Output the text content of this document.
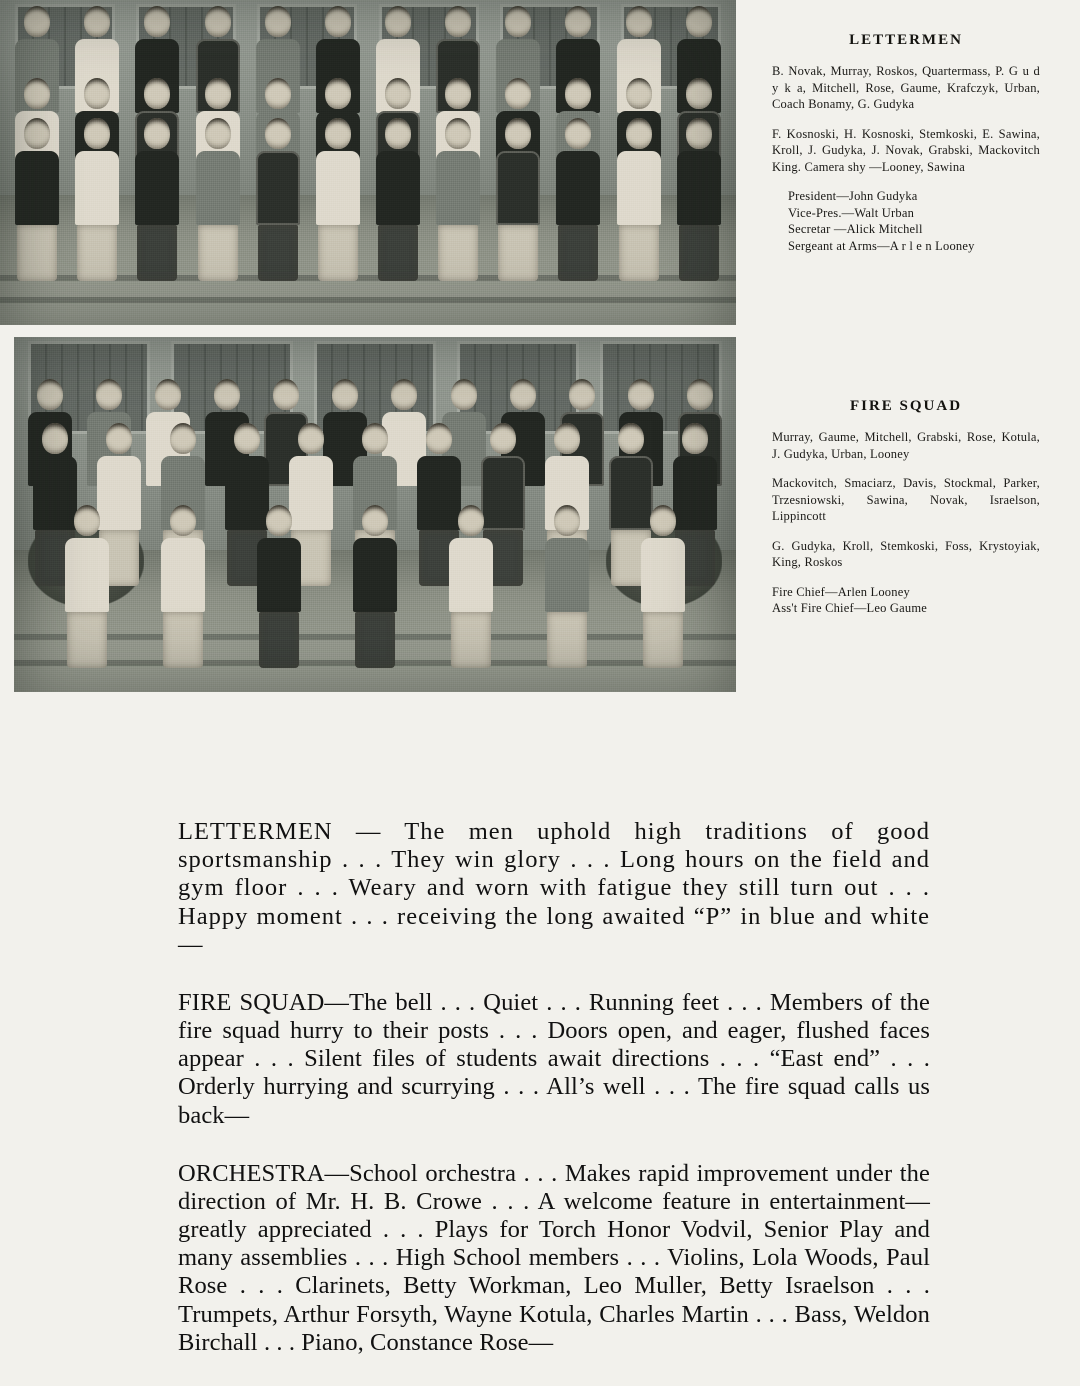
LETTERMEN
B. Novak, Murray, Roskos, Quartermass, P. G u d y k a, Mitchell, Rose, Gaume, Krafczyk, Urban, Coach Bonamy, G. Gudyka
F. Kosnoski, H. Kosnoski, Stemkoski, E. Sawina, Kroll, J. Gudyka, J. Novak, Grabski, Mackovitch King. Camera shy —Looney, Sawina
President—John Gudyka
Vice-Pres.—Walt Urban
Secretar —Alick Mitchell
Sergeant at Arms—A r l e n Looney
FIRE SQUAD
Murray, Gaume, Mitchell, Grabski, Rose, Kotula, J. Gudyka, Urban, Looney
Mackovitch, Smaciarz, Davis, Stockmal, Parker, Trzesniowski, Sawina, Novak, Israelson, Lippincott
G. Gudyka, Kroll, Stemkoski, Foss, Krystoyiak, King, Roskos
Fire Chief—Arlen Looney
Ass't Fire Chief—Leo Gaume

LETTERMEN — The men uphold high traditions of good sportsmanship . . . They win glory . . . Long hours on the field and gym floor . . . Weary and worn with fatigue they still turn out . . . Happy moment . . . receiving the long awaited “P” in blue and white—

FIRE SQUAD—The bell . . . Quiet . . . Running feet . . . Members of the fire squad hurry to their posts . . . Doors open, and eager, flushed faces appear . . . Silent files of students await directions . . . “East end” . . . Orderly hurrying and scurrying . . . All’s well . . . The fire squad calls us back—

ORCHESTRA—School orchestra . . . Makes rapid improvement under the direction of Mr. H. B. Crowe . . . A welcome feature in entertainment—greatly appreciated . . . Plays for Torch Honor Vodvil, Senior Play and many assemblies . . . High School members . . . Violins, Lola Woods, Paul Rose . . . Clarinets, Betty Workman, Leo Muller, Betty Israelson . . . Trumpets, Arthur Forsyth, Wayne Kotula, Charles Martin . . . Bass, Weldon Birchall . . . Piano, Constance Rose—
